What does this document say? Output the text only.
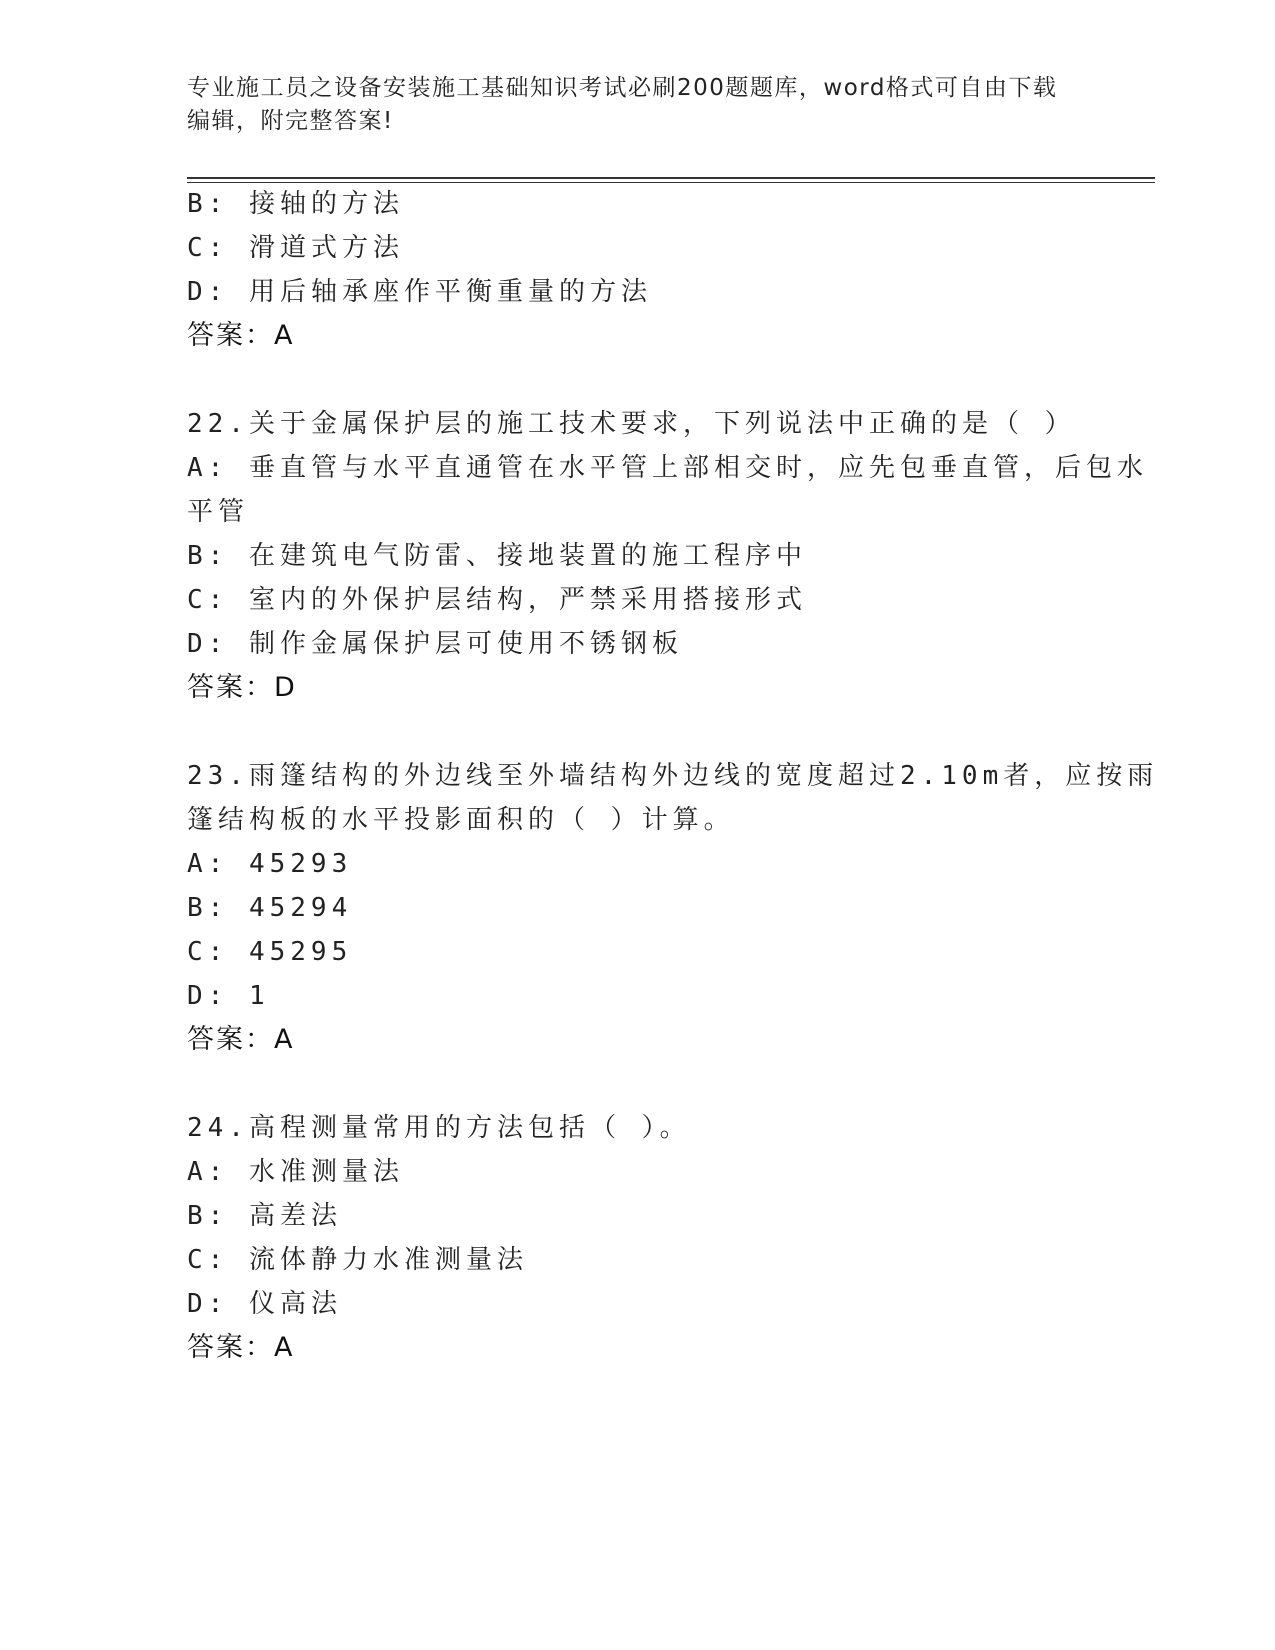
专业施工员之设备安装施工基础知识考试必刷200题题库，word格式可自由下载
编辑，附完整答案!
B: 接轴的方法
C: 滑道式方法
D: 用后轴承座作平衡重量的方法
答案：A
22.关于金属保护层的施工技术要求，下列说法中正确的是（ ）
A: 垂直管与水平直通管在水平管上部相交时，应先包垂直管，后包水
平管
B: 在建筑电气防雷、接地装置的施工程序中
C: 室内的外保护层结构，严禁采用搭接形式
D: 制作金属保护层可使用不锈钢板
答案：D
23.雨篷结构的外边线至外墙结构外边线的宽度超过2.10m者，应按雨
篷结构板的水平投影面积的（ ）计算。
A: 45293
B: 45294
C: 45295
D: 1
答案：A
24.高程测量常用的方法包括（ ）。
A: 水准测量法
B: 高差法
C: 流体静力水准测量法
D: 仪高法
答案：A
